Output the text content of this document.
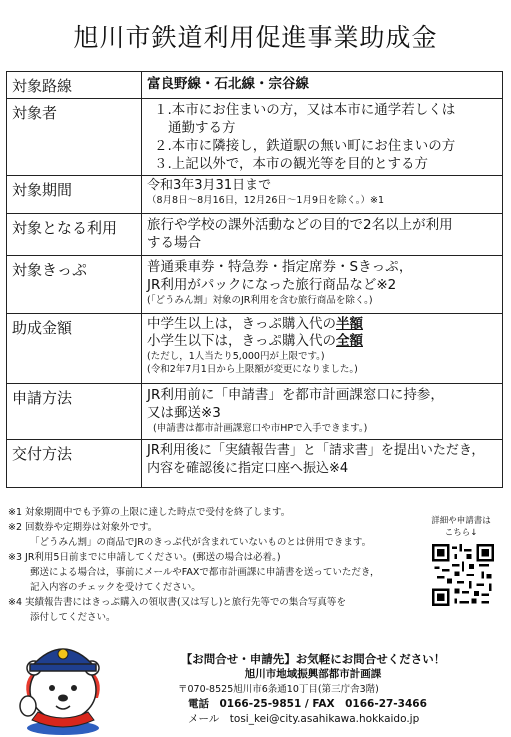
旭川市鉄道利用促進事業助成金
対象路線	富良野線・石北線・宗谷線
対象者	１.本市にお住まいの方，又は本市に通学若しくは
通勤する方
２.本市に隣接し，鉄道駅の無い町にお住まいの方
３.上記以外で，本市の観光等を目的とする方

対象期間	令和3年3月31日まで
（8月8日～8月16日，12月26日～1月9日を除く。）※1

対象となる利用	旅行や学校の課外活動などの目的で2名以上が利用
する場合

対象きっぷ	普通乗車券・特急券・指定席券・Sきっぷ，
JR利用がパックになった旅行商品など※2
(「どうみん割」対象のJR利用を含む旅行商品を除く。)

助成金額	中学生以上は，きっぷ購入代の半額
小学生以下は，きっぷ購入代の全額
(ただし，1人当たり5,000円が上限です。)
(令和2年7月1日から上限額が変更になりました。)

申請方法	JR利用前に「申請書」を都市計画課窓口に持参，
又は郵送※3
(申請書は都市計画課窓口や市HPで入手できます。)

交付方法	JR利用後に「実績報告書」と「請求書」を提出いただき，
内容を確認後に指定口座へ振込※4
※1 対象期間中でも予算の上限に達した時点で受付を終了します。
※2 回数券や定期券は対象外です。
「どうみん割」の商品でJRのきっぷ代が含まれていないものとは併用できます。
※3 JR利用5日前までに申請してください。(郵送の場合は必着。)
郵送による場合は，事前にメールやFAXで都市計画課に申請書を送っていただき，
記入内容のチェックを受けてください。
※4 実績報告書にはきっぷ購入の領収書(又は写し)と旅行先等での集合写真等を
添付してください。
詳細や申請書は
こちら↓
【お問合せ・申請先】お気軽にお問合せください！
旭川市地域振興部都市計画課
〒070-8525旭川市6条通10丁目(第三庁舎3階)
電話　0166-25-9851 / FAX　0166-27-3466
メール　tosi_kei@city.asahikawa.hokkaido.jp
